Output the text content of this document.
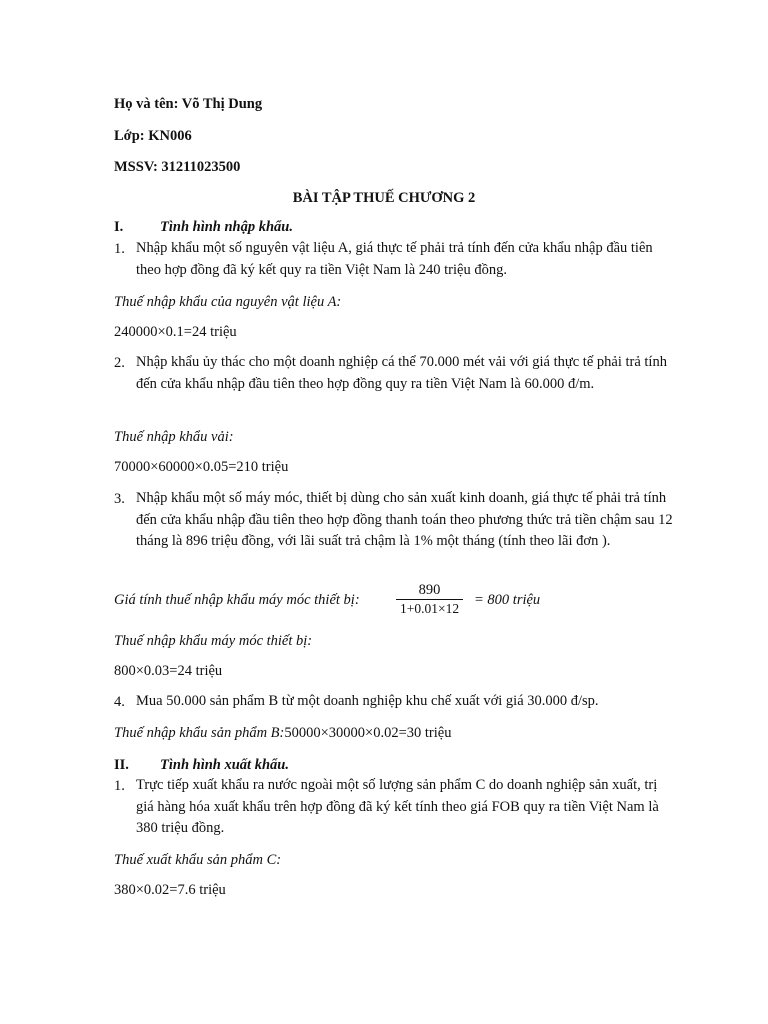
Họ và tên: Võ Thị Dung
Lớp: KN006
MSSV: 31211023500
BÀI TẬP THUẾ CHƯƠNG 2
I.	Tình hình nhập khẩu.
1. Nhập khẩu một số nguyên vật liệu A, giá thực tế phải trả tính đến cửa khẩu nhập đầu tiên theo hợp đồng đã ký kết quy ra tiền Việt Nam là 240 triệu đồng.
Thuế nhập khẩu của nguyên vật liệu A:
240000×0.1=24 triệu
2. Nhập khẩu ủy thác cho một doanh nghiệp cá thể 70.000 mét vải với giá thực tế phải trả tính đến cửa khẩu nhập đầu tiên theo hợp đồng quy ra tiền Việt Nam là 60.000 đ/m.
Thuế nhập khẩu vải:
70000×60000×0.05=210 triệu
3. Nhập khẩu một số máy móc, thiết bị dùng cho sản xuất kinh doanh, giá thực tế phải trả tính đến cửa khẩu nhập đầu tiên theo hợp đồng thanh toán theo phương thức trả tiền chậm sau 12 tháng là 896 triệu đồng, với lãi suất trả chậm là 1% một tháng (tính theo lãi đơn ).
Giá tính thuế nhập khẩu máy móc thiết bị:
890
1+0.01×12
= 800 triệu
Thuế nhập khẩu máy móc thiết bị:
800×0.03=24 triệu
4. Mua 50.000 sản phẩm B từ một doanh nghiệp khu chế xuất với giá 30.000 đ/sp.
Thuế nhập khẩu sản phẩm B:50000×30000×0.02=30 triệu
II. Tình hình xuất khẩu.
1. Trực tiếp xuất khẩu ra nước ngoài một số lượng sản phẩm C do doanh nghiệp sản xuất, trị giá hàng hóa xuất khẩu trên hợp đồng đã ký kết tính theo giá FOB quy ra tiền Việt Nam là 380 triệu đồng.
Thuế xuất khẩu sản phẩm C:
380×0.02=7.6 triệu
